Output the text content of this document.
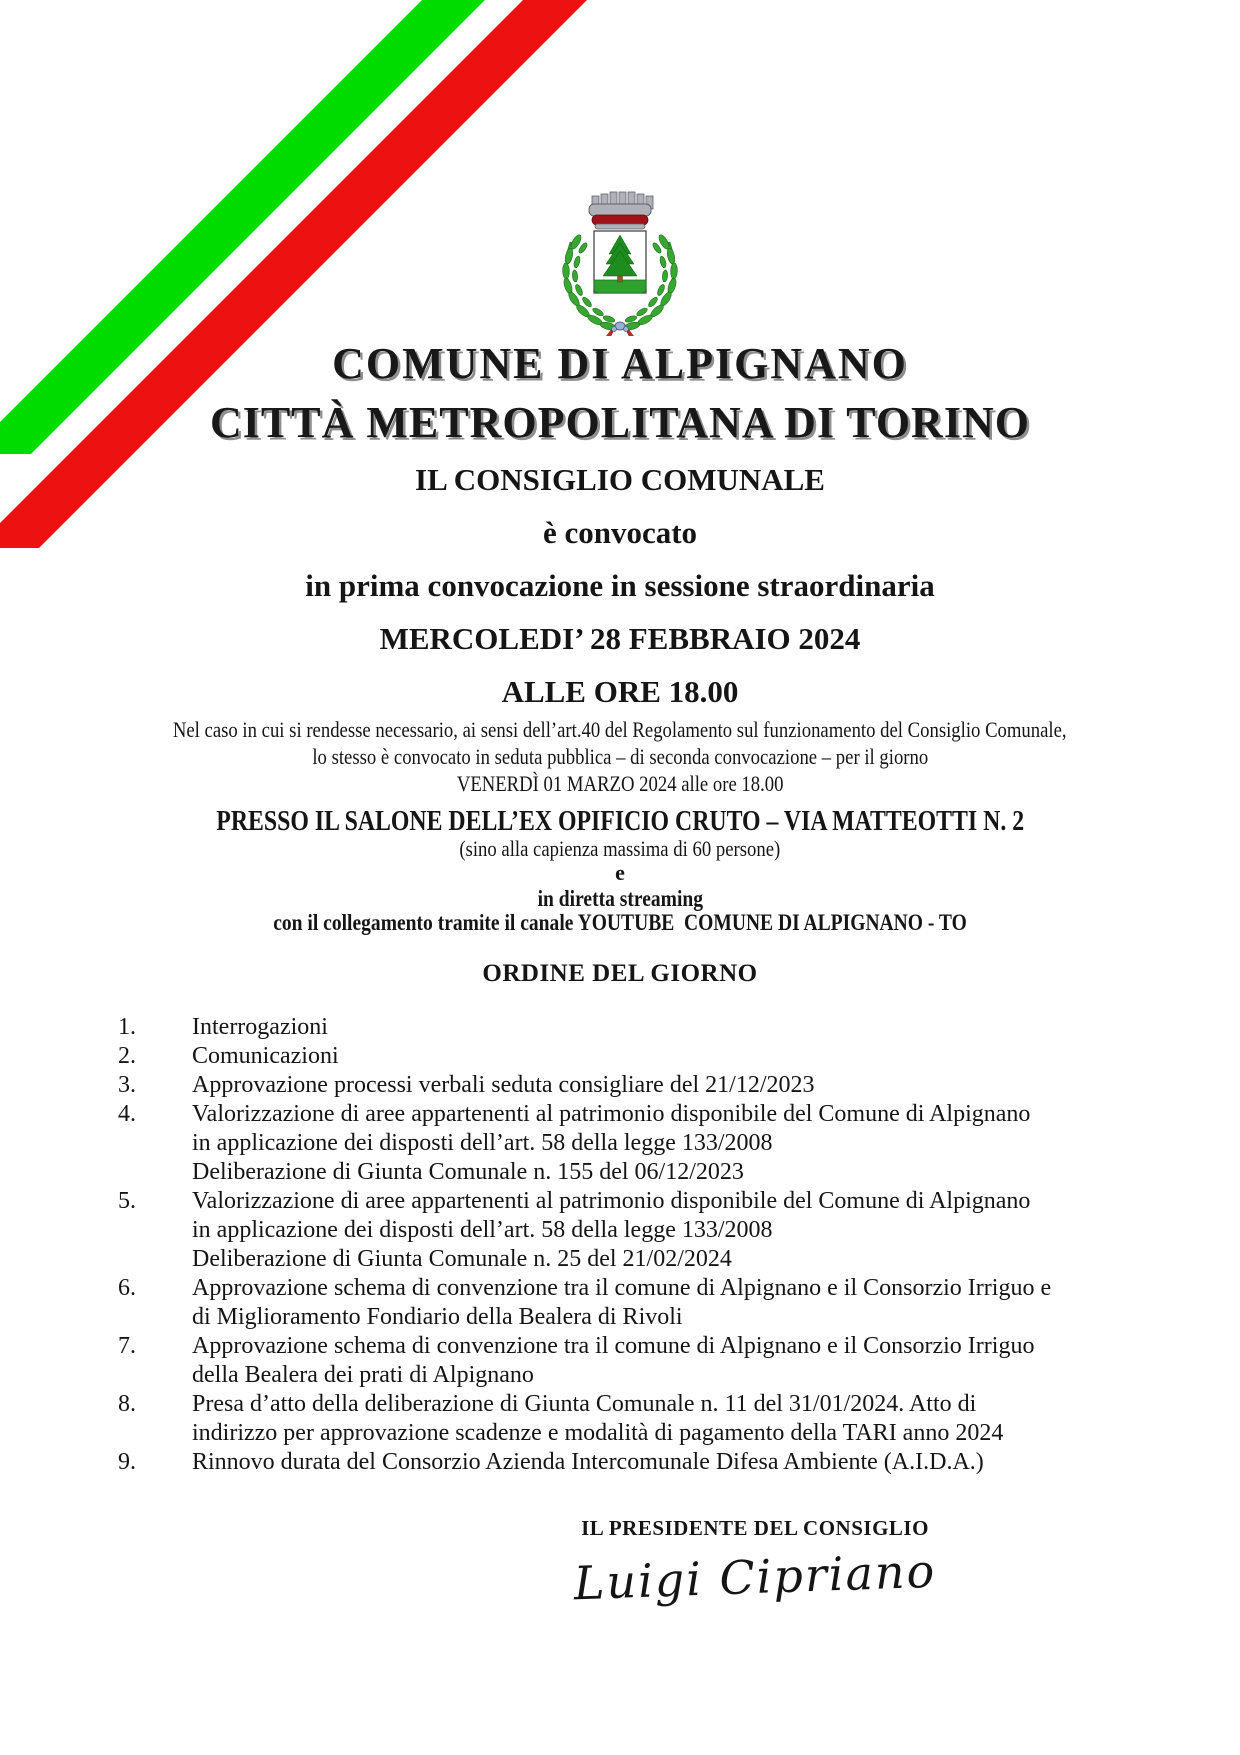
COMUNE DI ALPIGNANO
CITTÀ METROPOLITANA DI TORINO
IL CONSIGLIO COMUNALE
è convocato
in prima convocazione in sessione straordinaria
MERCOLEDI’ 28 FEBBRAIO 2024
ALLE ORE 18.00
Nel caso in cui si rendesse necessario, ai sensi dell’art.40 del Regolamento sul funzionamento del Consiglio Comunale,
lo stesso è convocato in seduta pubblica – di seconda convocazione – per il giorno
VENERDÌ 01 MARZO 2024 alle ore 18.00
PRESSO IL SALONE DELL’EX OPIFICIO CRUTO – VIA MATTEOTTI N. 2
(sino alla capienza massima di 60 persone)
e
in diretta streaming
con il collegamento tramite il canale YOUTUBE  COMUNE DI ALPIGNANO - TO
ORDINE DEL GIORNO
1.	Interrogazioni
2.	Comunicazioni
3.	Approvazione processi verbali seduta consigliare del 21/12/2023
4.	Valorizzazione di aree appartenenti al patrimonio disponibile del Comune di Alpignano
in applicazione dei disposti dell’art. 58 della legge 133/2008
Deliberazione di Giunta Comunale n. 155 del 06/12/2023
5.	Valorizzazione di aree appartenenti al patrimonio disponibile del Comune di Alpignano
in applicazione dei disposti dell’art. 58 della legge 133/2008
Deliberazione di Giunta Comunale n. 25 del 21/02/2024
6.	Approvazione schema di convenzione tra il comune di Alpignano e il Consorzio Irriguo e
di Miglioramento Fondiario della Bealera di Rivoli
7.	Approvazione schema di convenzione tra il comune di Alpignano e il Consorzio Irriguo
della Bealera dei prati di Alpignano
8.	Presa d’atto della deliberazione di Giunta Comunale n. 11 del 31/01/2024. Atto di
indirizzo per approvazione scadenze e modalità di pagamento della TARI anno 2024
9.	Rinnovo durata del Consorzio Azienda Intercomunale Difesa Ambiente (A.I.D.A.)
IL PRESIDENTE DEL CONSIGLIO
Luigi Cipriano
